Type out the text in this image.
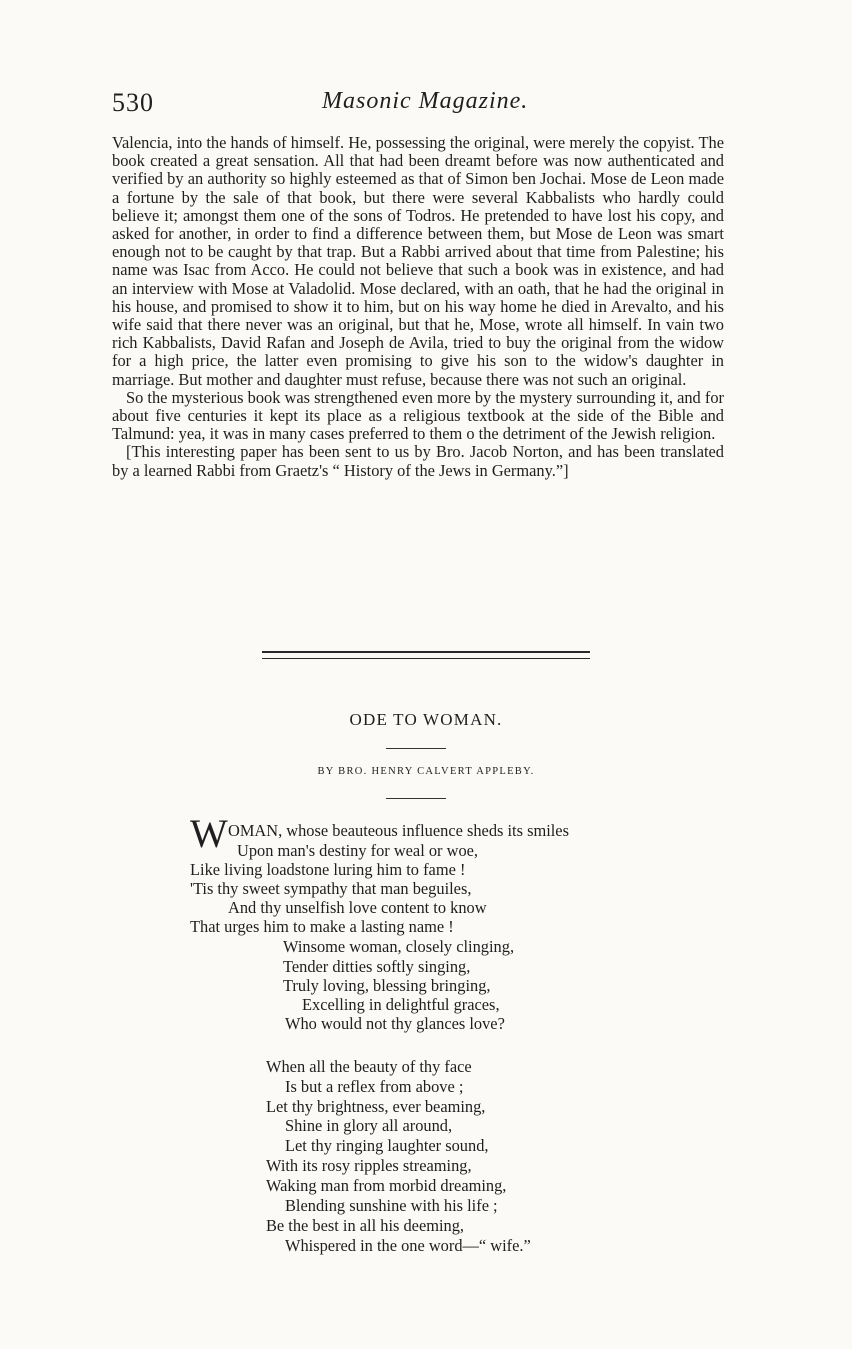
530	Masonic Magazine.

Valencia, into the hands of himself. He, possessing the original, were merely the copyist. The book created a great sensation. All that had been dreamt before was now authenticated and verified by an authority so highly esteemed as that of Simon ben Jochai. Mose de Leon made a fortune by the sale of that book, but there were several Kabbalists who hardly could believe it; amongst them one of the sons of Todros. He pretended to have lost his copy, and asked for another, in order to find a difference between them, but Mose de Leon was smart enough not to be caught by that trap. But a Rabbi arrived about that time from Palestine; his name was Isac from Acco. He could not believe that such a book was in existence, and had an interview with Mose at Valadolid. Mose declared, with an oath, that he had the original in his house, and promised to show it to him, but on his way home he died in Arevalto, and his wife said that there never was an original, but that he, Mose, wrote all himself. In vain two rich Kabbalists, David Rafan and Joseph de Avila, tried to buy the original from the widow for a high price, the latter even promising to give his son to the widow's daughter in marriage. But mother and daughter must refuse, because there was not such an original.

So the mysterious book was strengthened even more by the mystery surrounding it, and for about five centuries it kept its place as a religious textbook at the side of the Bible and Talmund: yea, it was in many cases preferred to them o the detriment of the Jewish religion.

[This interesting paper has been sent to us by Bro. Jacob Norton, and has been translated by a learned Rabbi from Graetz's “ History of the Jews in Germany.”]

ODE TO WOMAN.
BY BRO. HENRY CALVERT APPLEBY.
W OMAN, whose beauteous influence sheds its smiles
Upon man's destiny for weal or woe,
Like living loadstone luring him to fame !
'Tis thy sweet sympathy that man beguiles,
And thy unselfish love content to know
That urges him to make a lasting name !
Winsome woman, closely clinging,
Tender ditties softly singing,
Truly loving, blessing bringing,
Excelling in delightful graces,
Who would not thy glances love?
When all the beauty of thy face
Is but a reflex from above ;
Let thy brightness, ever beaming,
Shine in glory all around,
Let thy ringing laughter sound,
With its rosy ripples streaming,
Waking man from morbid dreaming,
Blending sunshine with his life ;
Be the best in all his deeming,
Whispered in the one word—“ wife.”
